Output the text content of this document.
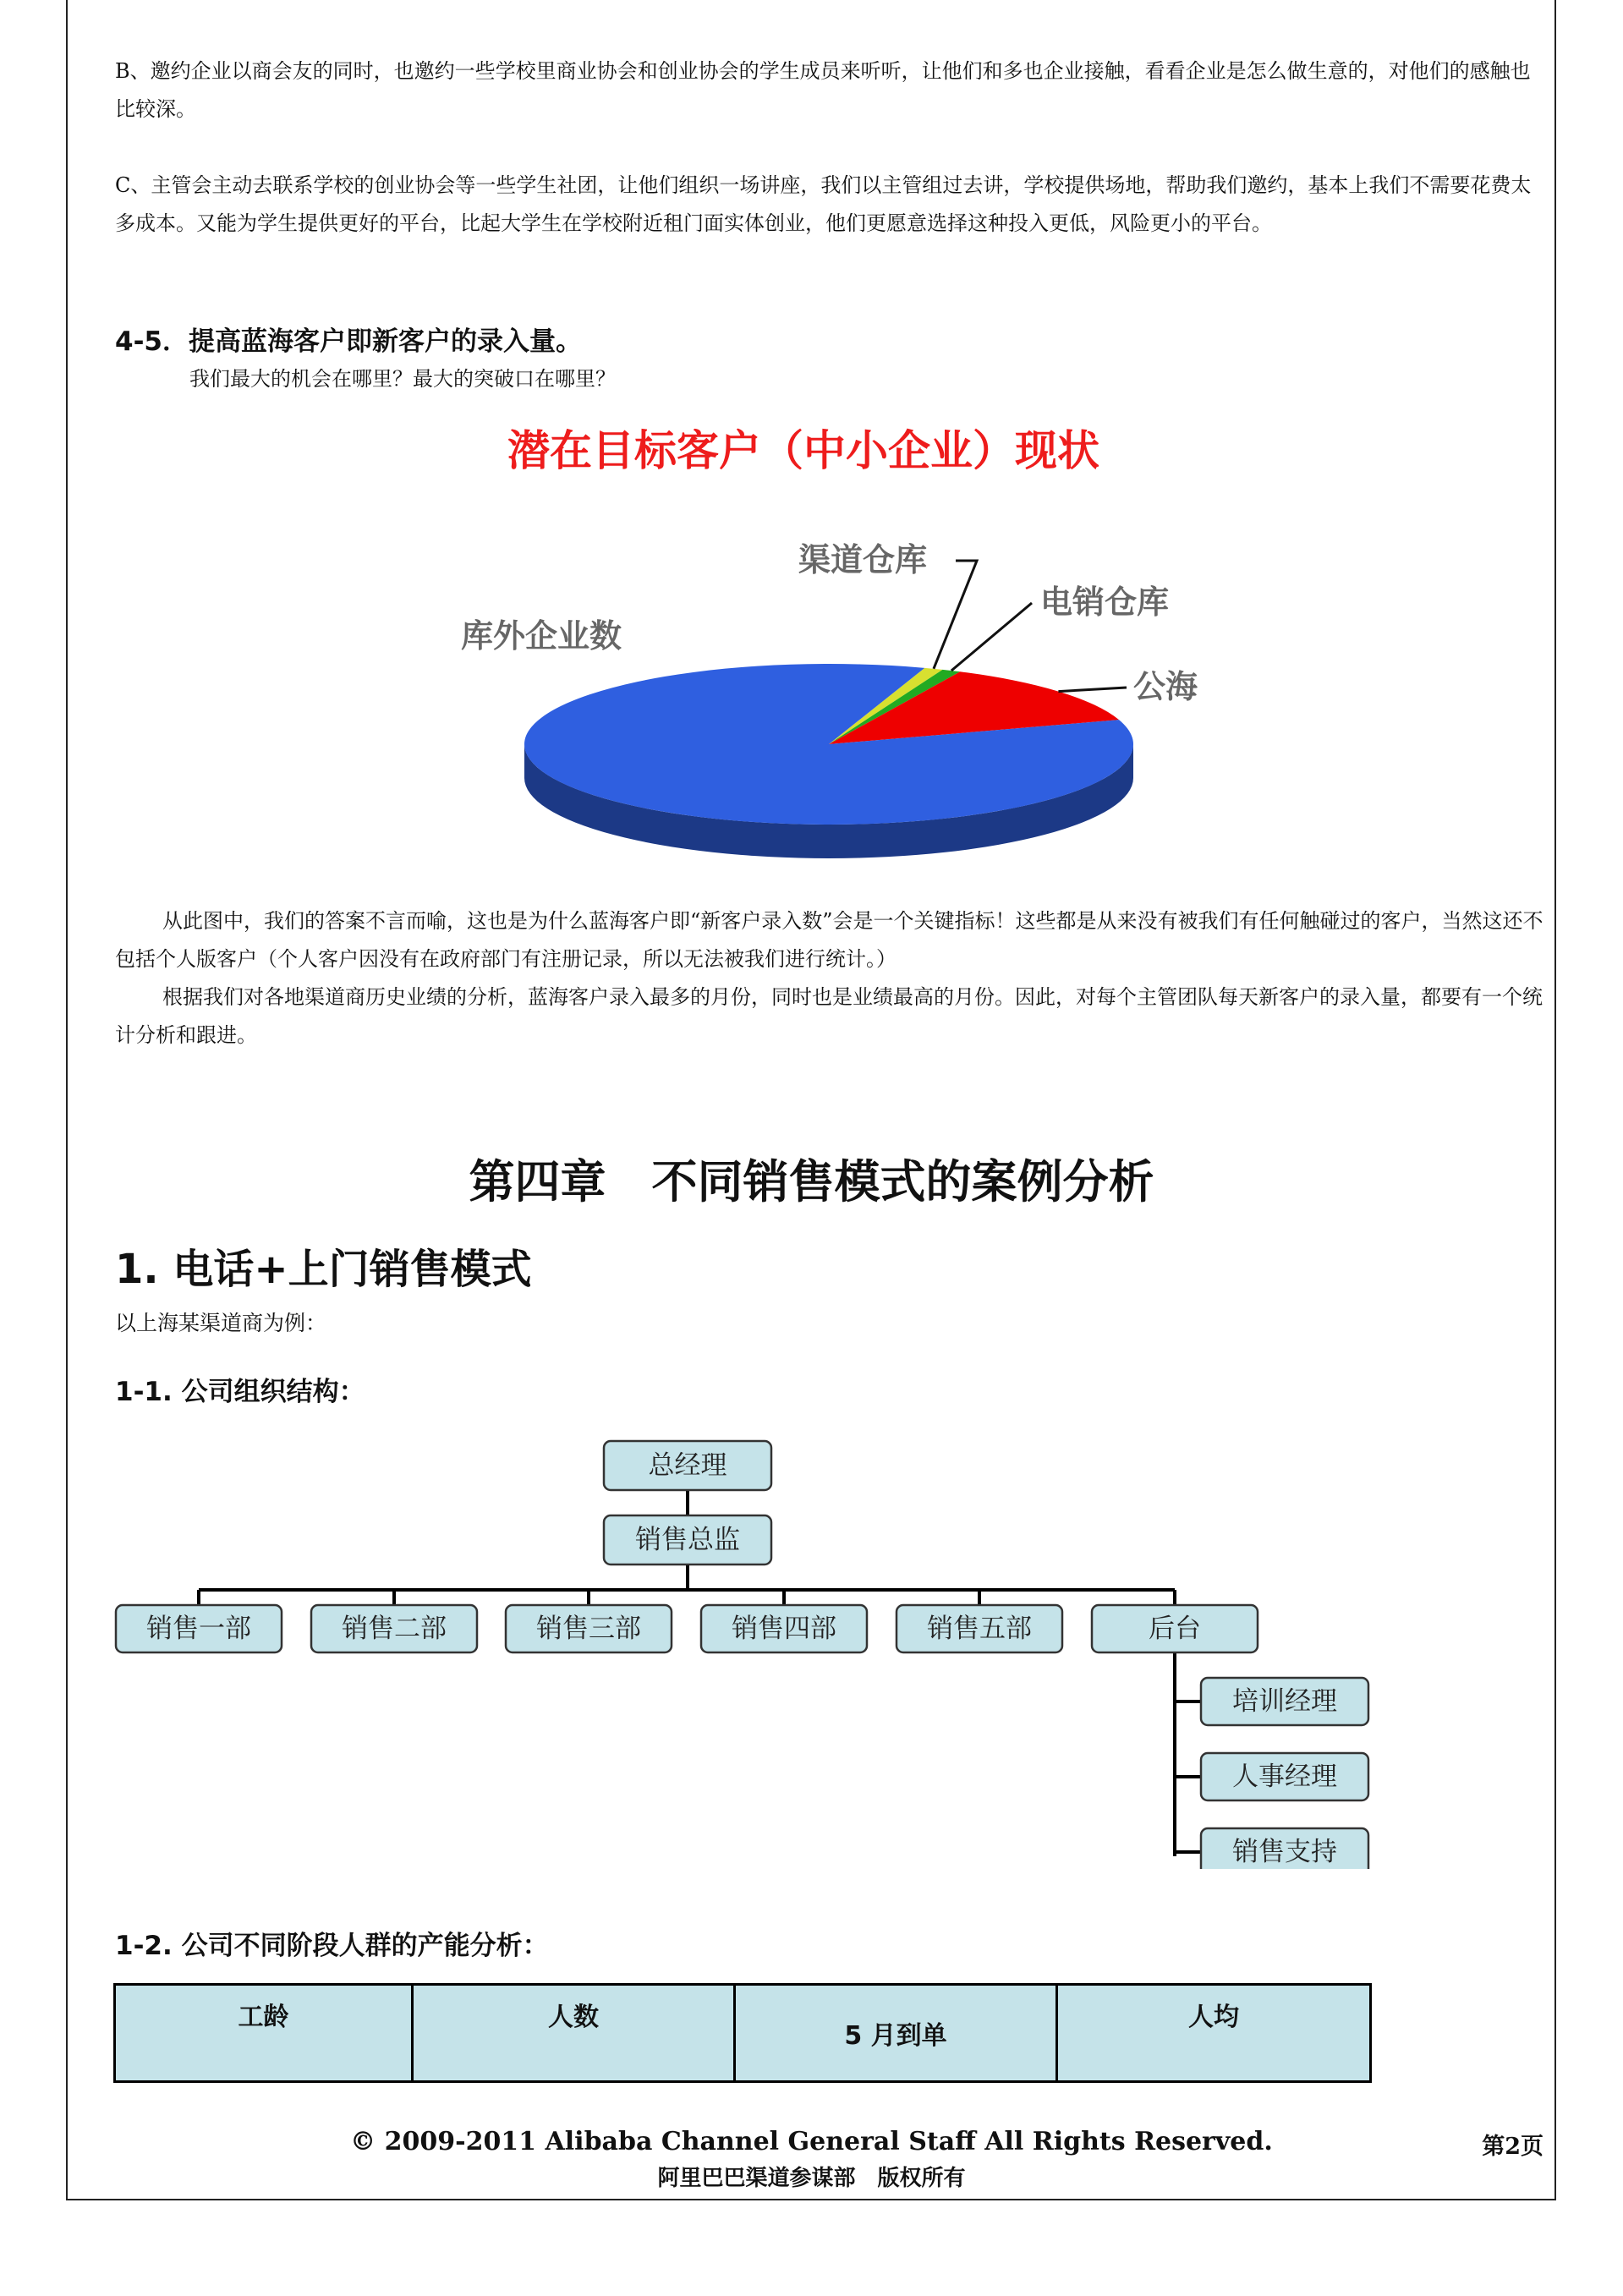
B、邀约企业以商会友的同时，也邀约一些学校里商业协会和创业协会的学生成员来听听，让他们和多也企业接触，看看企业是怎么做生意的，对他们的感触也比较深。

C、主管会主动去联系学校的创业协会等一些学生社团，让他们组织一场讲座，我们以主管组过去讲，学校提供场地，帮助我们邀约，基本上我们不需要花费太多成本。又能为学生提供更好的平台，比起大学生在学校附近租门面实体创业，他们更愿意选择这种投入更低，风险更小的平台。

4-5．提高蓝海客户即新客户的录入量。

我们最大的机会在哪里？最大的突破口在哪里？

潜在目标客户（中小企业）现状
库外企业数
公海
电销仓库
渠道仓库

从此图中，我们的答案不言而喻，这也是为什么蓝海客户即“新客户录入数”会是一个关键指标！这些都是从来没有被我们有任何触碰过的客户，当然这还不包括个人版客户（个人客户因没有在政府部门有注册记录，所以无法被我们进行统计。）

根据我们对各地渠道商历史业绩的分析，蓝海客户录入最多的月份，同时也是业绩最高的月份。因此，对每个主管团队每天新客户的录入量，都要有一个统计分析和跟进。

第四章　不同销售模式的案例分析
1. 电话+上门销售模式

以上海某渠道商为例：

1-1. 公司组织结构：
总经理
销售总监
销售一部	销售二部	销售三部	销售四部	销售五部	后台
培训经理
人事经理
销售支持
1-2. 公司不同阶段人群的产能分析：
工龄	人数	5 月到单	人均

© 2009-2011 Alibaba Channel General Staff All Rights Reserved.

阿里巴巴渠道参谋部　版权所有

第2页
